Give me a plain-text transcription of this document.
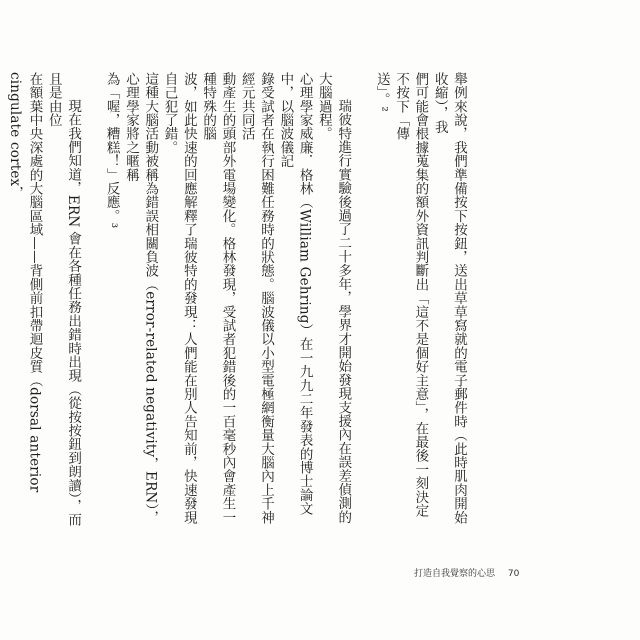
舉例來說，我們準備按下按鈕，送出草草寫就的電子郵件時（此時肌肉開始收縮），我

們可能會根據蒐集的額外資訊判斷出「這不是個好主意」，在最後一刻決定不按下「傳

送」。²

瑞彼特進行實驗後過了二十多年，學界才開始發現支援內在誤差偵測的大腦過程。

心理學家威廉．格林（William Gehring）在一九九二年發表的博士論文中，以腦波儀記

錄受試者在執行困難任務時的狀態。腦波儀以小型電極網衡量大腦內上千神經元共同活

動產生的頭部外電場變化。格林發現，受試者犯錯後的一百毫秒內會產生一種特殊的腦

波，如此快速的回應解釋了瑞彼特的發現：人們能在別人告知前，快速發現自己犯了錯。

這種大腦活動被稱為錯誤相關負波（error-related negativity，ERN），心理學家將之暱稱

為「喔，糟糕！」反應。³

現在我們知道，ERN 會在各種任務出錯時出現（從按按鈕到朗讀），而且是由位

在額葉中央深處的大腦區域——背側前扣帶迴皮質（dorsal anterior cingulate cortex，

打造自我覺察的心思 70
